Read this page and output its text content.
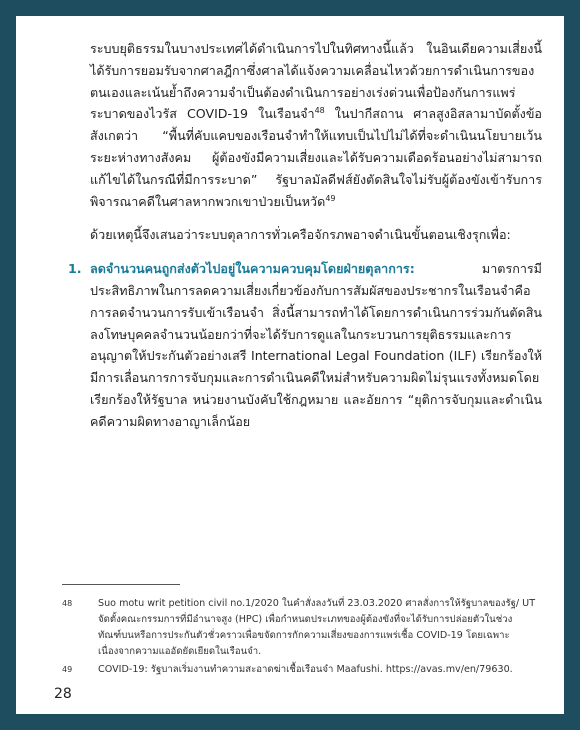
ระบบยุติธรรมในบางประเทศได้ดำเนินการไปในทิศทางนี้แล้ว ในอินเดียความเสี่ยงนี้ได้รับการยอมรับจากศาลฎีกาซึ่งศาลได้แจ้งความเคลื่อนไหวด้วยการดำเนินการของตนเองและเน้นย้ำถึงความจำเป็นต้องดำเนินการอย่างเร่งด่วนเพื่อป้องกันการแพร่ระบาดของไวรัส COVID-19 ในเรือนจำ$^{48}$ ในปากีสถาน ศาลสูงอิสลามาบัดตั้งข้อสังเกตว่า “พื้นที่คับแคบของเรือนจำทำให้แทบเป็นไปไม่ได้ที่จะดำเนินนโยบายเว้นระยะห่างทางสังคม ผู้ต้องขังมีความเสี่ยงและได้รับความเดือดร้อนอย่างไม่สามารถแก้ไขได้ในกรณีที่มีการระบาด” รัฐบาลมัลดีฟส์ยังตัดสินใจไม่รับผู้ต้องขังเข้ารับการพิจารณาคดีในศาลหากพวกเขาป่วยเป็นหวัด$^{49}$

ด้วยเหตุนี้จึงเสนอว่าระบบตุลาการทั่วเครือจักรภพอาจดำเนินขั้นตอนเชิงรุกเพื่อ:

1. ลดจำนวนคนถูกส่งตัวไปอยู่ในความควบคุมโดยฝ่ายตุลาการ: มาตรการมีประสิทธิภาพในการลดความเสี่ยงเกี่ยวข้องกับการสัมผัสของประชากรในเรือนจำคือการลดจำนวนการรับเข้าเรือนจำ สิ่งนี้สามารถทำได้โดยการดำเนินการร่วมกันตัดสินลงโทษบุคคลจำนวนน้อยกว่าที่จะได้รับการดูแลในกระบวนการยุติธรรมและการอนุญาตให้ประกันตัวอย่างเสรี International Legal Foundation (ILF) เรียกร้องให้มีการเลื่อนการการจับกุมและการดำเนินคดีใหม่สำหรับความผิดไม่รุนแรงทั้งหมดโดยเรียกร้องให้รัฐบาล หน่วยงานบังคับใช้กฎหมาย และอัยการ “ยุติการจับกุมและดำเนินคดีความผิดทางอาญาเล็กน้อย

48	Suo motu writ petition civil no.1/2020 ในคำสั่งลงวันที่ 23.03.2020 ศาลสั่งการให้รัฐบาลของรัฐ/ UT จัดตั้งคณะกรรมการที่มีอำนาจสูง (HPC) เพื่อกำหนดประเภทของผู้ต้องขังที่จะได้รับการปล่อยตัวในช่วงทัณฑ์บนหรือการประกันตัวชั่วคราวเพื่อขจัดการกักความเสี่ยงของการแพร่เชื้อ COVID-19 โดยเฉพาะ เนื่องจากความแออัดยัดเยียดในเรือนจำ.
49	COVID-19: รัฐบาลเริ่มงานทำความสะอาดฆ่าเชื้อเรือนจำ Maafushi. https://avas.mv/en/79630.
28
